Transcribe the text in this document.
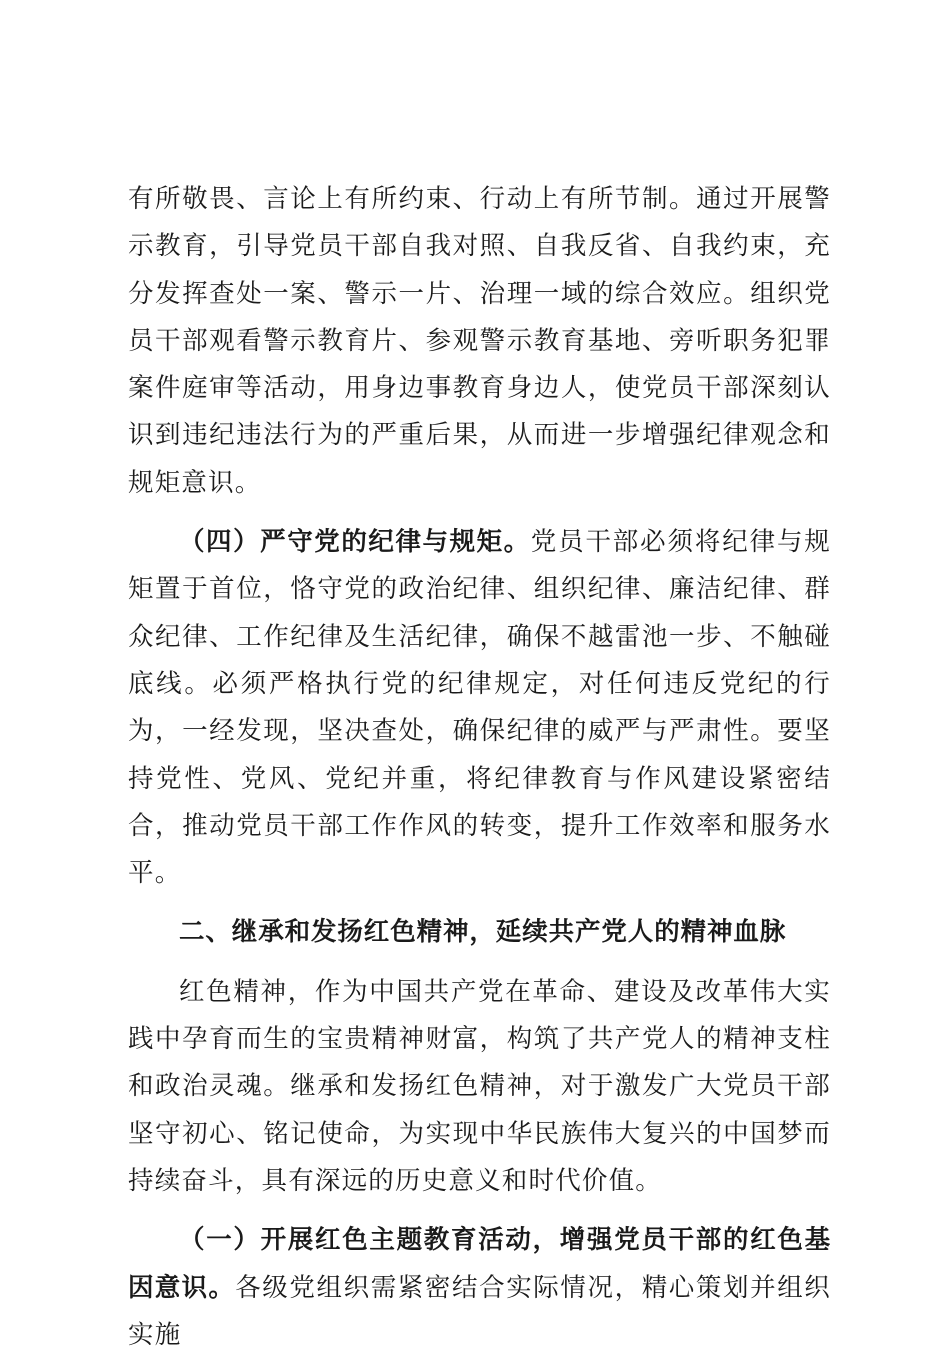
有所敬畏、言论上有所约束、行动上有所节制。通过开展警示教育，引导党员干部自我对照、自我反省、自我约束，充分发挥查处一案、警示一片、治理一域的综合效应。组织党员干部观看警示教育片、参观警示教育基地、旁听职务犯罪案件庭审等活动，用身边事教育身边人，使党员干部深刻认识到违纪违法行为的严重后果，从而进一步增强纪律观念和规矩意识。

（四）严守党的纪律与规矩。党员干部必须将纪律与规矩置于首位，恪守党的政治纪律、组织纪律、廉洁纪律、群众纪律、工作纪律及生活纪律，确保不越雷池一步、不触碰底线。必须严格执行党的纪律规定，对任何违反党纪的行为，一经发现，坚决查处，确保纪律的威严与严肃性。要坚持党性、党风、党纪并重，将纪律教育与作风建设紧密结合，推动党员干部工作作风的转变，提升工作效率和服务水平。

二、继承和发扬红色精神，延续共产党人的精神血脉

红色精神，作为中国共产党在革命、建设及改革伟大实践中孕育而生的宝贵精神财富，构筑了共产党人的精神支柱和政治灵魂。继承和发扬红色精神，对于激发广大党员干部坚守初心、铭记使命，为实现中华民族伟大复兴的中国梦而持续奋斗，具有深远的历史意义和时代价值。

（一）开展红色主题教育活动，增强党员干部的红色基因意识。各级党组织需紧密结合实际情况，精心策划并组织实施
